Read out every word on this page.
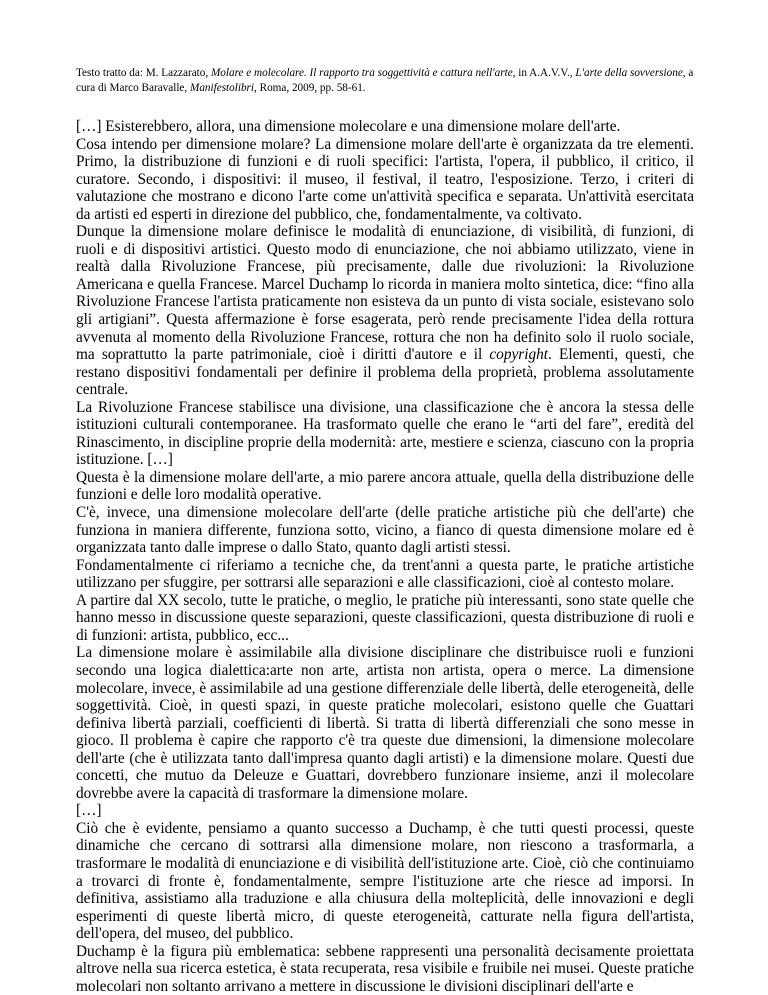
Testo tratto da: M. Lazzarato, Molare e molecolare. Il rapporto tra soggettività e cattura nell'arte, in A.A.V.V., L'arte della sovversione, a cura di Marco Baravalle, Manifestolibri, Roma, 2009, pp. 58-61.

[…] Esisterebbero, allora, una dimensione molecolare e una dimensione molare dell'arte.

Cosa intendo per dimensione molare? La dimensione molare dell'arte è organizzata da tre elementi. Primo, la distribuzione di funzioni e di ruoli specifici: l'artista, l'opera, il pubblico, il critico, il curatore. Secondo, i dispositivi: il museo, il festival, il teatro, l'esposizione. Terzo, i criteri di valutazione che mostrano e dicono l'arte come un'attività specifica e separata. Un'attività esercitata da artisti ed esperti in direzione del pubblico, che, fondamentalmente, va coltivato.

Dunque la dimensione molare definisce le modalità di enunciazione, di visibilità, di funzioni, di ruoli e di dispositivi artistici. Questo modo di enunciazione, che noi abbiamo utilizzato, viene in realtà dalla Rivoluzione Francese, più precisamente, dalle due rivoluzioni: la Rivoluzione Americana e quella Francese. Marcel Duchamp lo ricorda in maniera molto sintetica, dice: “fino alla Rivoluzione Francese l'artista praticamente non esisteva da un punto di vista sociale, esistevano solo gli artigiani”. Questa affermazione è forse esagerata, però rende precisamente l'idea della rottura avvenuta al momento della Rivoluzione Francese, rottura che non ha definito solo il ruolo sociale, ma soprattutto la parte patrimoniale, cioè i diritti d'autore e il copyright. Elementi, questi, che restano dispositivi fondamentali per definire il problema della proprietà, problema assolutamente centrale.

La Rivoluzione Francese stabilisce una divisione, una classificazione che è ancora la stessa delle istituzioni culturali contemporanee. Ha trasformato quelle che erano le “arti del fare”, eredità del Rinascimento, in discipline proprie della modernità: arte, mestiere e scienza, ciascuno con la propria istituzione. […]

Questa è la dimensione molare dell'arte, a mio parere ancora attuale, quella della distribuzione delle funzioni e delle loro modalità operative.

C'è, invece, una dimensione molecolare dell'arte (delle pratiche artistiche più che dell'arte) che funziona in maniera differente, funziona sotto, vicino, a fianco di questa dimensione molare ed è organizzata tanto dalle imprese o dallo Stato, quanto dagli artisti stessi.

Fondamentalmente ci riferiamo a tecniche che, da trent'anni a questa parte, le pratiche artistiche utilizzano per sfuggire, per sottrarsi alle separazioni e alle classificazioni, cioè al contesto molare.

A partire dal XX secolo, tutte le pratiche, o meglio, le pratiche più interessanti, sono state quelle che hanno messo in discussione queste separazioni, queste classificazioni, questa distribuzione di ruoli e di funzioni: artista, pubblico, ecc...

La dimensione molare è assimilabile alla divisione disciplinare che distribuisce ruoli e funzioni secondo una logica dialettica:arte non arte, artista non artista, opera o merce. La dimensione molecolare, invece, è assimilabile ad una gestione differenziale delle libertà, delle eterogeneità, delle soggettività. Cioè, in questi spazi, in queste pratiche molecolari, esistono quelle che Guattari definiva libertà parziali, coefficienti di libertà. Si tratta di libertà differenziali che sono messe in gioco. Il problema è capire che rapporto c'è tra queste due dimensioni, la dimensione molecolare dell'arte (che è utilizzata tanto dall'impresa quanto dagli artisti) e la dimensione molare. Questi due concetti, che mutuo da Deleuze e Guattari, dovrebbero funzionare insieme, anzi il molecolare dovrebbe avere la capacità di trasformare la dimensione molare.

[…]

Ciò che è evidente, pensiamo a quanto successo a Duchamp, è che tutti questi processi, queste dinamiche che cercano di sottrarsi alla dimensione molare, non riescono a trasformarla, a trasformare le modalità di enunciazione e di visibilità dell'istituzione arte. Cioè, ciò che continuiamo a trovarci di fronte è, fondamentalmente, sempre l'istituzione arte che riesce ad imporsi. In definitiva, assistiamo alla traduzione e alla chiusura della molteplicità, delle innovazioni e degli esperimenti di queste libertà micro, di queste eterogeneità, catturate nella figura dell'artista, dell'opera, del museo, del pubblico.

Duchamp è la figura più emblematica: sebbene rappresenti una personalità decisamente proiettata altrove nella sua ricerca estetica, è stata recuperata, resa visibile e fruibile nei musei. Queste pratiche molecolari non soltanto arrivano a mettere in discussione le divisioni disciplinari dell'arte e
